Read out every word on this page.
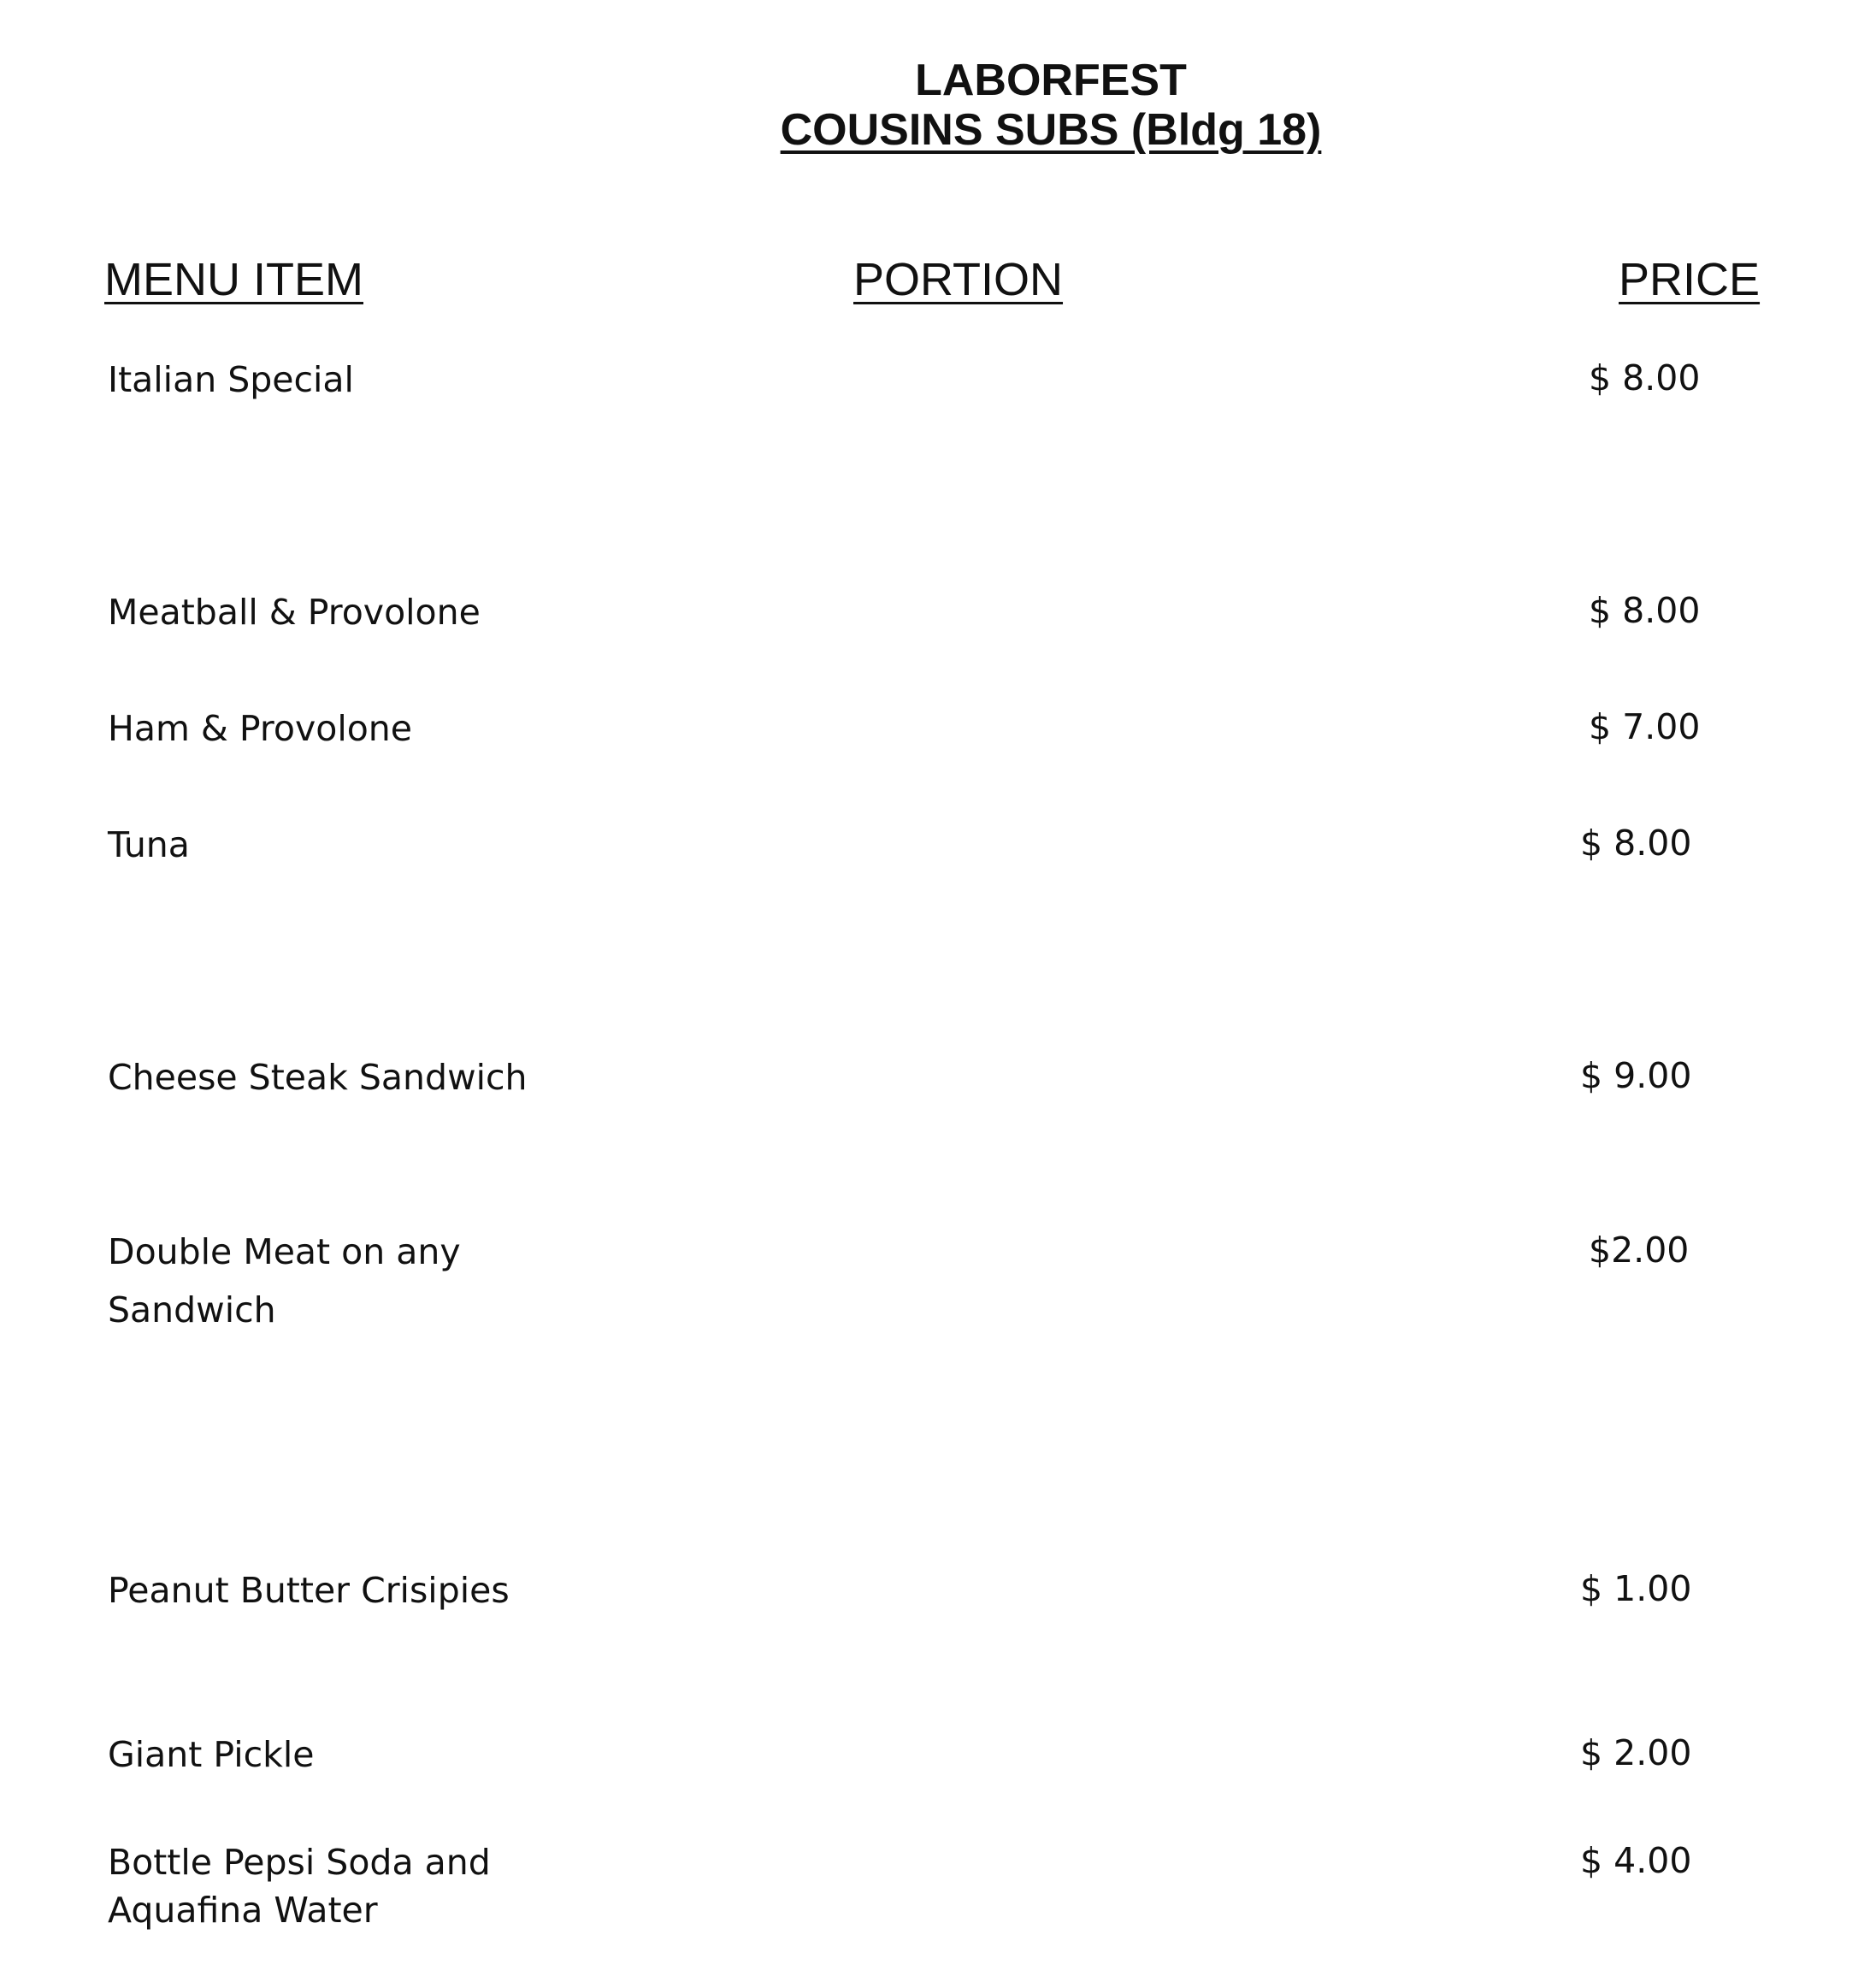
LABORFEST
COUSINS SUBS (Bldg 18)
MENU ITEM	PORTION	PRICE
Italian Special	$ 8.00
Meatball & Provolone	$ 8.00
Ham & Provolone	$ 7.00
Tuna	$ 8.00
Cheese Steak Sandwich	$ 9.00
Double Meat on any
Sandwich
$2.00
Peanut Butter Crisipies	$ 1.00
Giant Pickle	$ 2.00
Bottle Pepsi Soda and
Aquafina Water
$ 4.00
